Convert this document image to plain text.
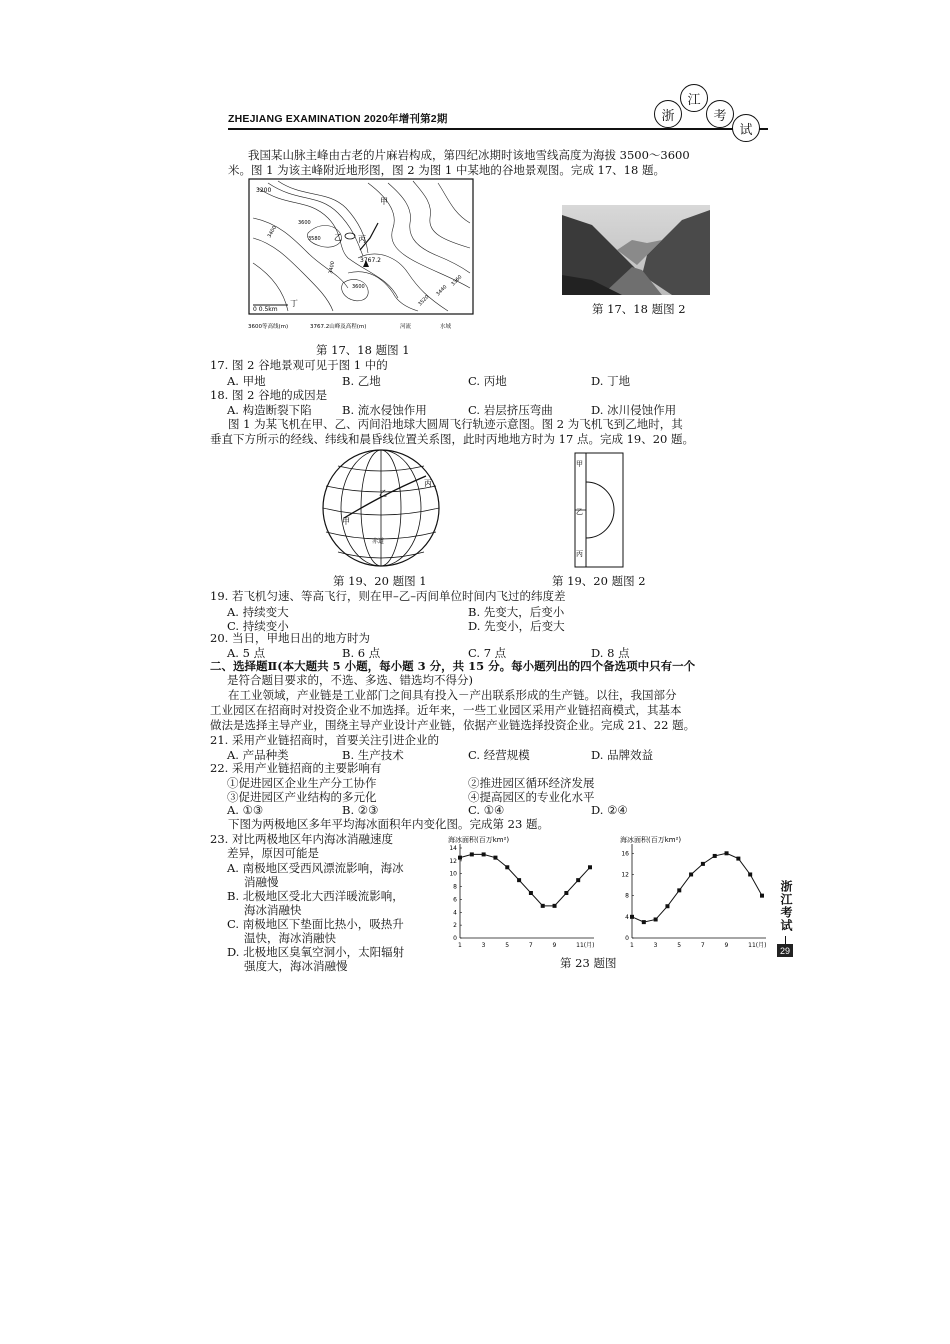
ZHEJIANG EXAMINATION 2020年增刊第2期	浙
江
考
试
我国某山脉主峰由古老的片麻岩构成，第四纪冰期时该地雪线高度为海拔 3500～3600
米。图 1 为该主峰附近地形图，图 2 为图 1 中某地的谷地景观图。完成 17、18 题。
3200
3400
3600
3580
3400
3600
3520
3440
3360
3767.2
甲
乙 丙
丁
0 0.5km
3600等高线(m)	3767.2山峰及高程(m)	河流	水域
第 17、18 题图 1
第 17、18 题图 2
17. 图 2 谷地景观可见于图 1 中的
A. 甲地	B. 乙地	C. 丙地	D. 丁地
18. 图 2 谷地的成因是
A. 构造断裂下陷	B. 流水侵蚀作用	C. 岩层挤压弯曲	D. 冰川侵蚀作用
图 1 为某飞机在甲、乙、丙间沿地球大圆周飞行轨迹示意图。图 2 为飞机飞到乙地时，其
垂直下方所示的经线、纬线和晨昏线位置关系图，此时丙地地方时为 17 点。完成 19、20 题。
丙
乙
甲
赤道
第 19、20 题图 1
甲
乙
丙
第 19、20 题图 2
19. 若飞机匀速、等高飞行，则在甲–乙–丙间单位时间内飞过的纬度差
A. 持续变大	B. 先变大，后变小
C. 持续变小	D. 先变小，后变大
20. 当日，甲地日出的地方时为
A. 5 点	B. 6 点	C. 7 点	D. 8 点
二、选择题Ⅱ(本大题共 5 小题，每小题 3 分，共 15 分。每小题列出的四个备选项中只有一个
是符合题目要求的，不选、多选、错选均不得分)
在工业领域，产业链是工业部门之间具有投入－产出联系形成的生产链。以往，我国部分
工业园区在招商时对投资企业不加选择。近年来，一些工业园区采用产业链招商模式，其基本
做法是选择主导产业，围绕主导产业设计产业链，依据产业链选择投资企业。完成 21、22 题。
21. 采用产业链招商时，首要关注引进企业的
A. 产品种类	B. 生产技术	C. 经营规模	D. 品牌效益
22. 采用产业链招商的主要影响有
①促进园区企业生产分工协作	②推进园区循环经济发展
③促进园区产业结构的多元化	④提高园区的专业化水平
A. ①③	B. ②③	C. ①④	D. ②④
下图为两极地区多年平均海冰面积年内变化图。完成第 23 题。
23. 对比两极地区年内海冰消融速度
差异，原因可能是
A. 南极地区受西风漂流影响，海冰
消融慢
B. 北极地区受北大西洋暖流影响，
海冰消融快
C. 南极地区下垫面比热小，吸热升
温快，海冰消融快
D. 北极地区臭氧空洞小，太阳辐射
强度大，海冰消融慢
海冰面积(百万km²)
0
2
4
6
8
10
12
14
1	3	5	7	9	11(月)
海冰面积(百万km²)
0
4
8
12
16
1	3	5	7	9	11(月)
第 23 题图
浙江考试
29
